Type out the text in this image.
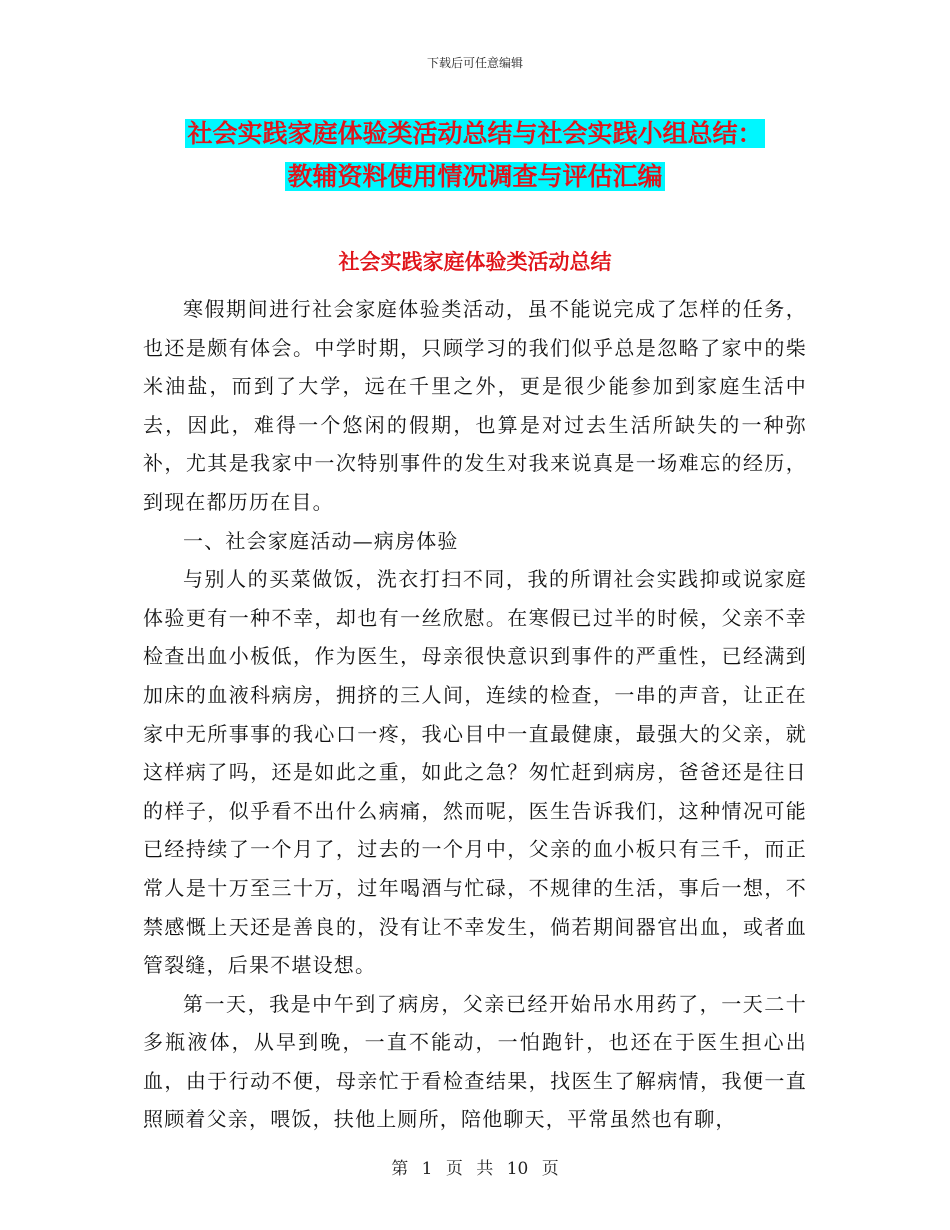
下载后可任意编辑
社会实践家庭体验类活动总结与社会实践小组总结：
教辅资料使用情况调查与评估汇编
社会实践家庭体验类活动总结

寒假期间进行社会家庭体验类活动，虽不能说完成了怎样的任务，也还是颇有体会。中学时期，只顾学习的我们似乎总是忽略了家中的柴米油盐，而到了大学，远在千里之外，更是很少能参加到家庭生活中去，因此，难得一个悠闲的假期，也算是对过去生活所缺失的一种弥补，尤其是我家中一次特别事件的发生对我来说真是一场难忘的经历，到现在都历历在目。

一、社会家庭活动—病房体验

与别人的买菜做饭，洗衣打扫不同，我的所谓社会实践抑或说家庭体验更有一种不幸，却也有一丝欣慰。在寒假已过半的时候，父亲不幸检查出血小板低，作为医生，母亲很快意识到事件的严重性，已经满到加床的血液科病房，拥挤的三人间，连续的检查，一串的声音，让正在家中无所事事的我心口一疼，我心目中一直最健康，最强大的父亲，就这样病了吗，还是如此之重，如此之急？匆忙赶到病房，爸爸还是往日的样子，似乎看不出什么病痛，然而呢，医生告诉我们，这种情况可能已经持续了一个月了，过去的一个月中，父亲的血小板只有三千，而正常人是十万至三十万，过年喝酒与忙碌，不规律的生活，事后一想，不禁感慨上天还是善良的，没有让不幸发生，倘若期间器官出血，或者血管裂缝，后果不堪设想。

第一天，我是中午到了病房，父亲已经开始吊水用药了，一天二十多瓶液体，从早到晚，一直不能动，一怕跑针，也还在于医生担心出血，由于行动不便，母亲忙于看检查结果，找医生了解病情，我便一直照顾着父亲，喂饭，扶他上厕所，陪他聊天，平常虽然也有聊，

第 1 页 共 10 页
